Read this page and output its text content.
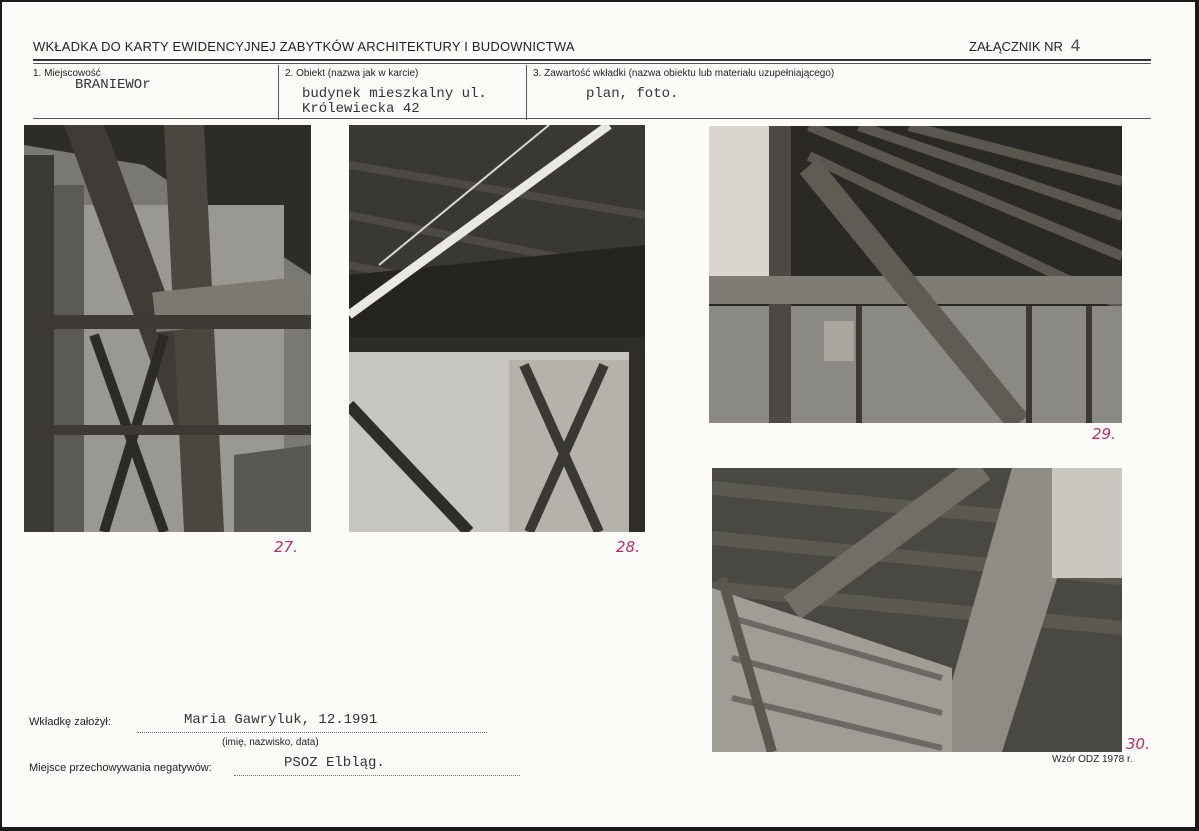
WKŁADKA DO KARTY EWIDENCYJNEJ ZABYTKÓW ARCHITEKTURY I BUDOWNICTWA	ZAŁĄCZNIK NR 4
1. Miejscowość
BRANIEWOr
2. Obiekt (nazwa jak w karcie)
budynek mieszkalny ul.
Królewiecka 42
3. Zawartość wkładki (nazwa obiektu lub materiału uzupełniającego)
plan, foto.
27.	28.
29.
30.
Wkładkę założył:	Maria Gawryluk, 12.1991
(imię, nazwisko, data)
Miejsce przechowywania negatywów:	PSOZ Elbląg.	Wzór ODZ 1978 r.
